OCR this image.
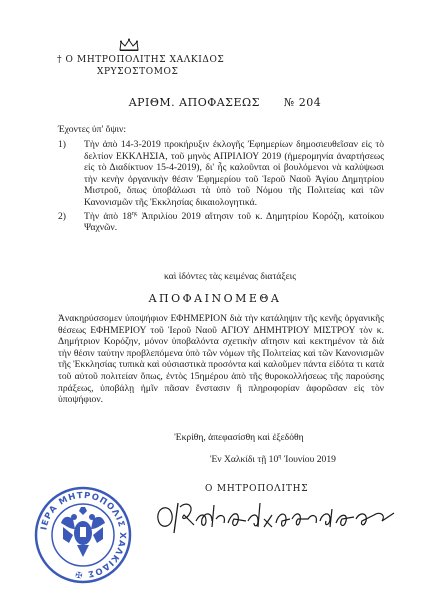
† Ο ΜΗΤΡΟΠΟΛΙΤΗΣ ΧΑΛΚΙΔΟΣ
ΧΡΥΣΟΣΤΟΜΟΣ
ΑΡΙΘΜ. ΑΠΟΦΑΣΕΩΣ № 204
Έχοντες ὑπ' ὄψιν:
1) Τὴν ἀπὸ 14-3-2019 προκήρυξιν ἐκλογῆς Ἐφημερίων δημοσιευθεῖσαν εἰς τὸ δελτίον ΕΚΚΛΗΣΙΑ, τοῦ μηνὸς ΑΠΡΙΛΙΟΥ 2019 (ἡμερομηνία ἀναρτήσεως εἰς τὸ Διαδίκτυον 15-4-2019), δι' ἧς καλοῦνται οἱ βουλόμενοι νὰ καλύψωσι τὴν κενὴν ὀργανικὴν θέσιν Ἐφημερίου τοῦ Ἱεροῦ Ναοῦ Ἁγίου Δημητρίου Μιστροῦ, ὅπως ὑποβάλωσι τὰ ὑπὸ τοῦ Νόμου τῆς Πολιτείας καὶ τῶν Κανονισμῶν τῆς Ἐκκλησίας δικαιολογητικά.
2) Τὴν ἀπὸ $18^{\eta\varsigma}$ Ἀπριλίου 2019 αἴτησιν τοῦ κ. Δημητρίου Κορόζη, κατοίκου Ψαχνῶν.
καὶ ἰδόντες τὰς κειμένας διατάξεις
ΑΠΟΦΑΙΝΟΜΕΘΑ
Ἀνακηρύσσομεν ὑποψήφιον ΕΦΗΜΕΡΙΟΝ διὰ τὴν κατάληψιν τῆς κενῆς ὀργανικῆς θέσεως ΕΦΗΜΕΡΙΟΥ τοῦ Ἱεροῦ Ναοῦ ΑΓΙΟΥ ΔΗΜΗΤΡΙΟΥ ΜΙΣΤΡΟΥ τὸν κ. Δημήτριον Κορόζην, μόνον ὑποβαλόντα σχετικὴν αἴτησιν καὶ κεκτημένον τὰ διὰ τὴν θέσιν ταύτην προβλεπόμενα ὑπὸ τῶν νόμων τῆς Πολιτείας καὶ τῶν Κανονισμῶν τῆς Ἐκκλησίας τυπικὰ καὶ οὐσιαστικὰ προσόντα καὶ καλοῦμεν πάντα εἰδότα τι κατὰ τοῦ αὐτοῦ πολιτείαν ὅπως, ἐντὸς 15ημέρου ἀπὸ τῆς θυροκολλήσεως τῆς παρούσης πράξεως, ὑποβάλῃ ἡμῖν πᾶσαν ἔνστασιν ἢ πληροφορίαν ἀφορῶσαν εἰς τὸν ὑποψήφιον.
Ἐκρίθη, ἀπεφασίσθη καὶ ἐξεδόθη
Ἐν Χαλκίδι τῇ $10^\eta$ Ἰουνίου 2019
Ο ΜΗΤΡΟΠΟΛΙΤΗΣ
ΙΕΡΑ ΜΗΤΡΟΠΟΛΙΣ ΧΑΛΚΙΔΟΣ ✠
